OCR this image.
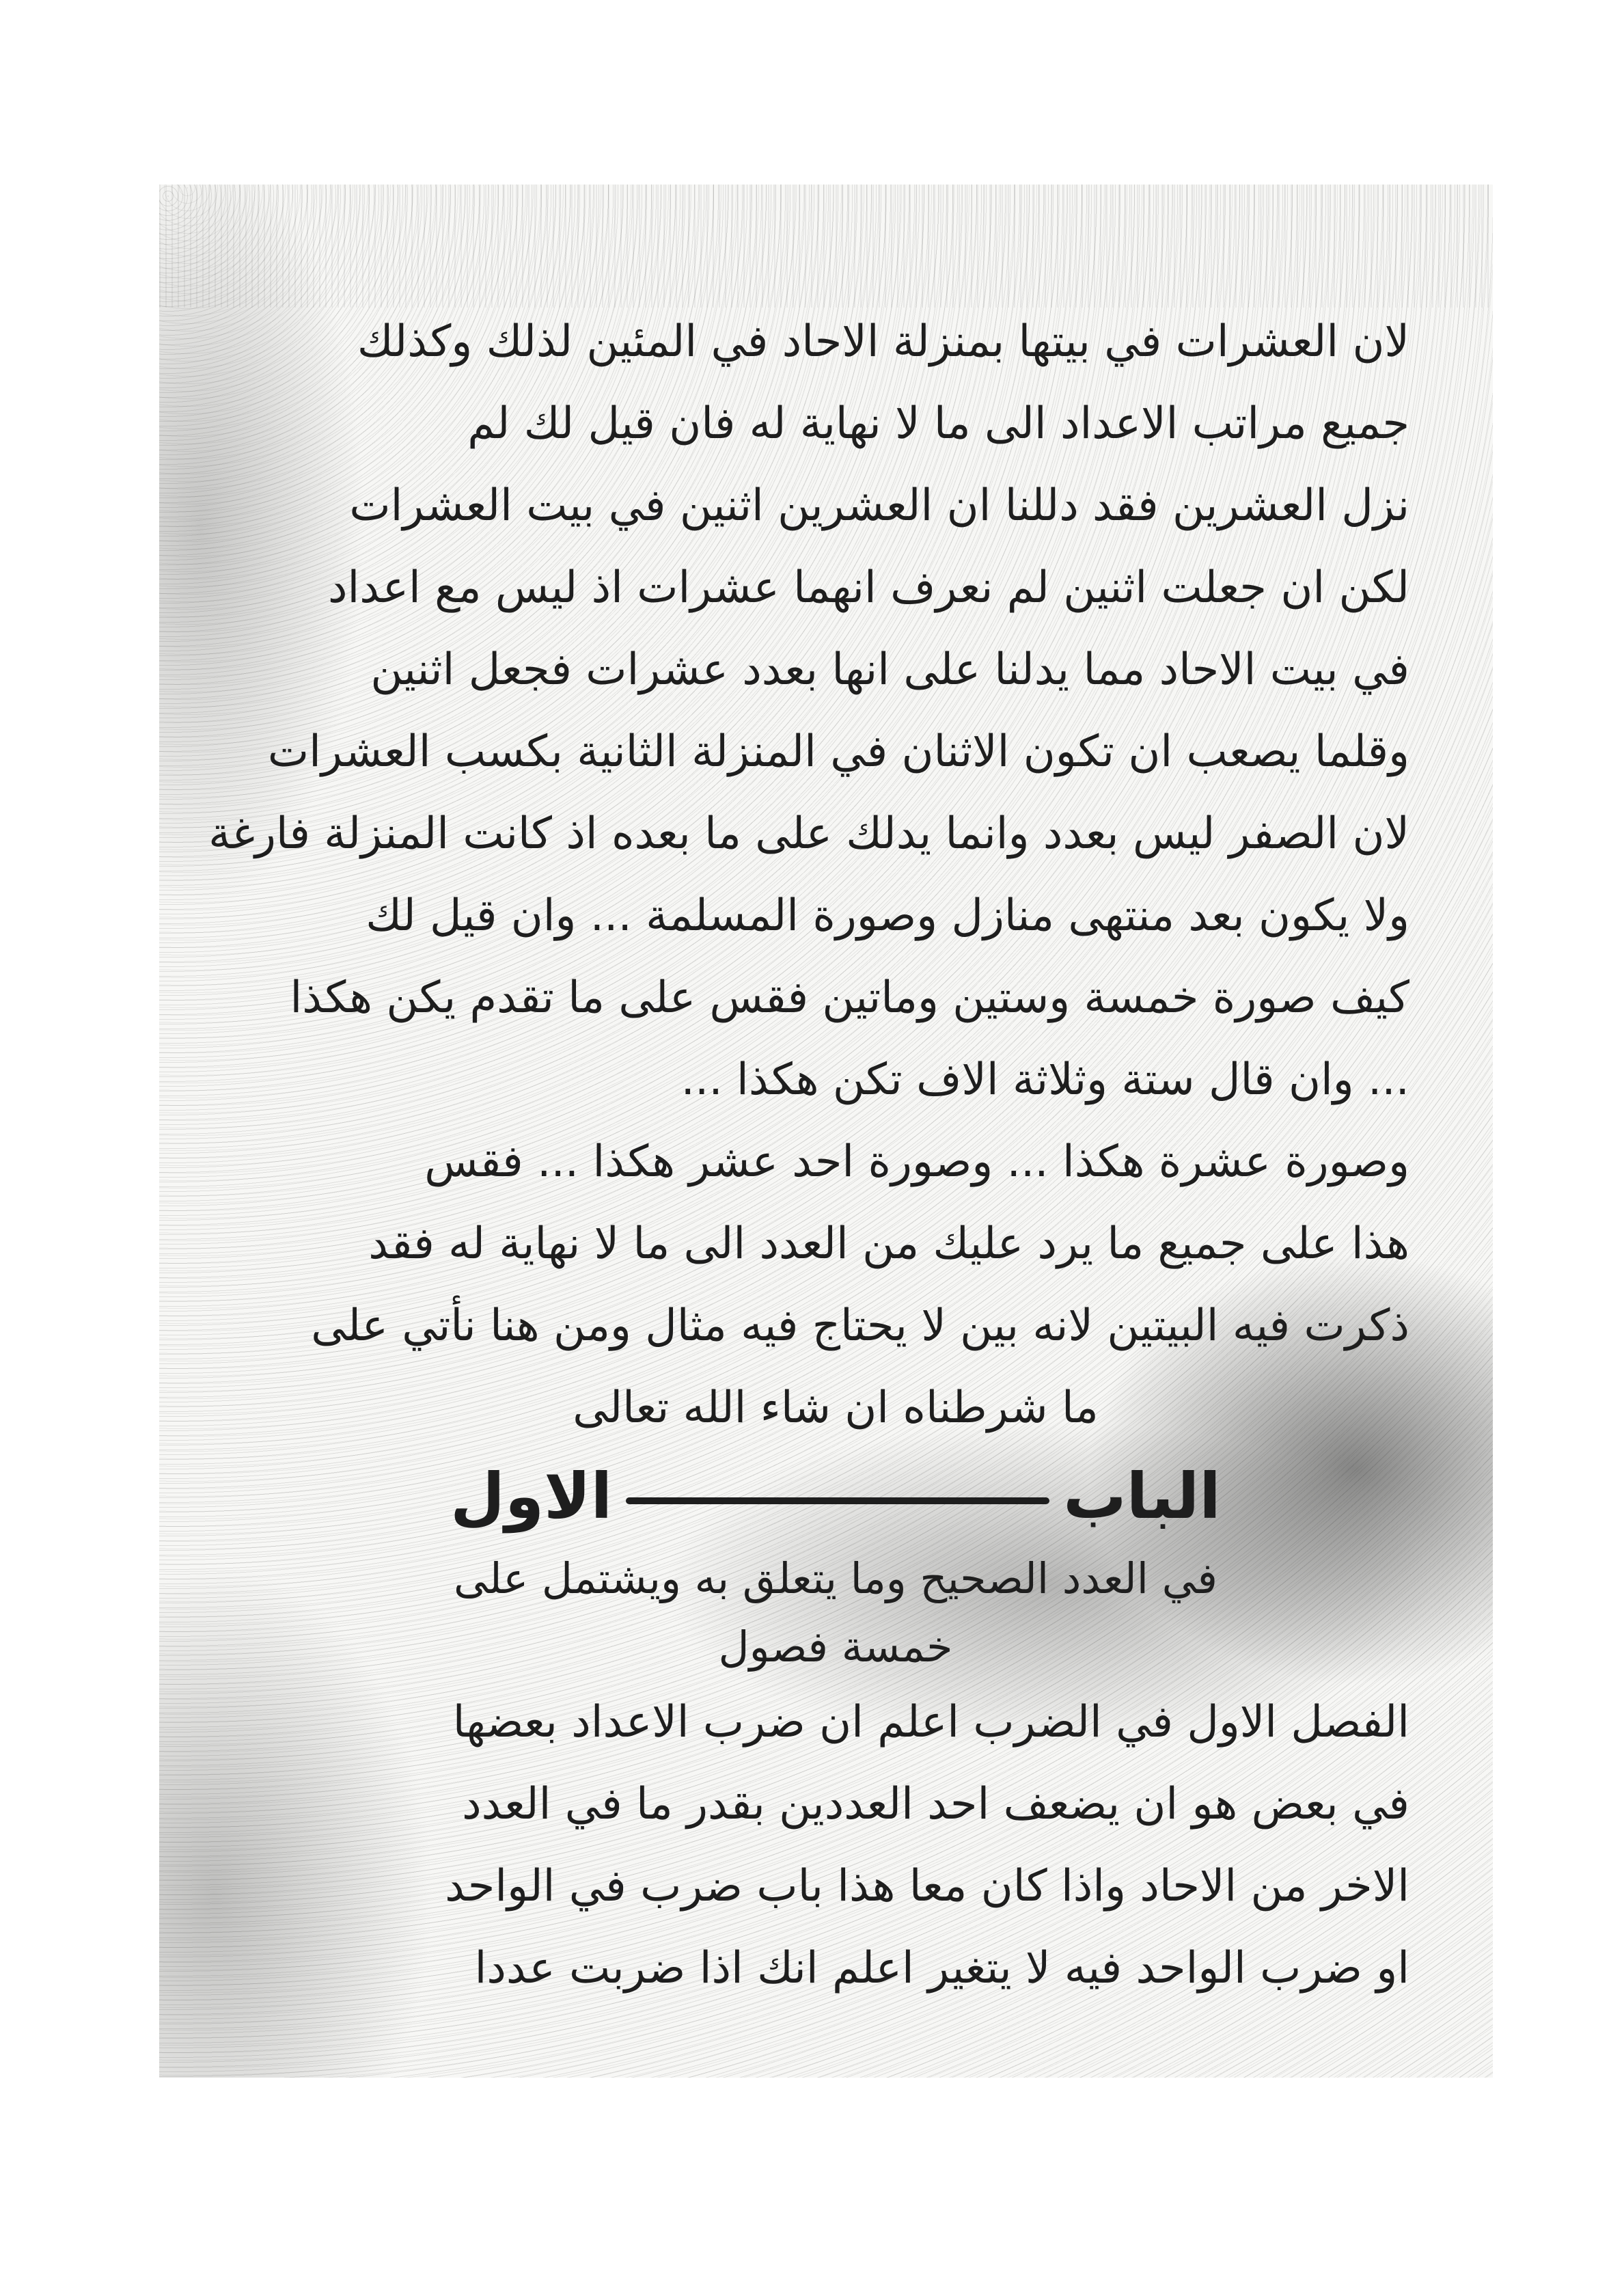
لان العشرات في بيتها بمنزلة الاحاد في المئين لذلك وكذلك
جميع مراتب الاعداد الى ما لا نهاية له فان قيل لك لم
نزل العشرين فقد دللنا ان العشرين اثنين في بيت العشرات
لكن ان جعلت اثنين لم نعرف انهما عشرات اذ ليس مع اعداد
في بيت الاحاد مما يدلنا على انها بعدد عشرات فجعل اثنين
وقلما يصعب ان تكون الاثنان في المنزلة الثانية بكسب العشرات
لان الصفر ليس بعدد وانما يدلك على ما بعده اذ كانت المنزلة فارغة
ولا يكون بعد منتهى منازل وصورة المسلمة ... وان قيل لك
كيف صورة خمسة وستين وماتين فقس على ما تقدم يكن هكذا
... وان قال ستة وثلاثة الاف تكن هكذا ...
وصورة عشرة هكذا ... وصورة احد عشر هكذا ... فقس
هذا على جميع ما يرد عليك من العدد الى ما لا نهاية له فقد
ذكرت فيه البيتين لانه بين لا يحتاج فيه مثال ومن هنا نأتي على
ما شرطناه ان شاء الله تعالى
البابالاول
في العدد الصحيح وما يتعلق به ويشتمل على
خمسة فصول
الفصل الاول في الضرب اعلم ان ضرب الاعداد بعضها
في بعض هو ان يضعف احد العددين بقدر ما في العدد
الاخر من الاحاد واذا كان معا هذا باب ضرب في الواحد
او ضرب الواحد فيه لا يتغير اعلم انك اذا ضربت عددا
